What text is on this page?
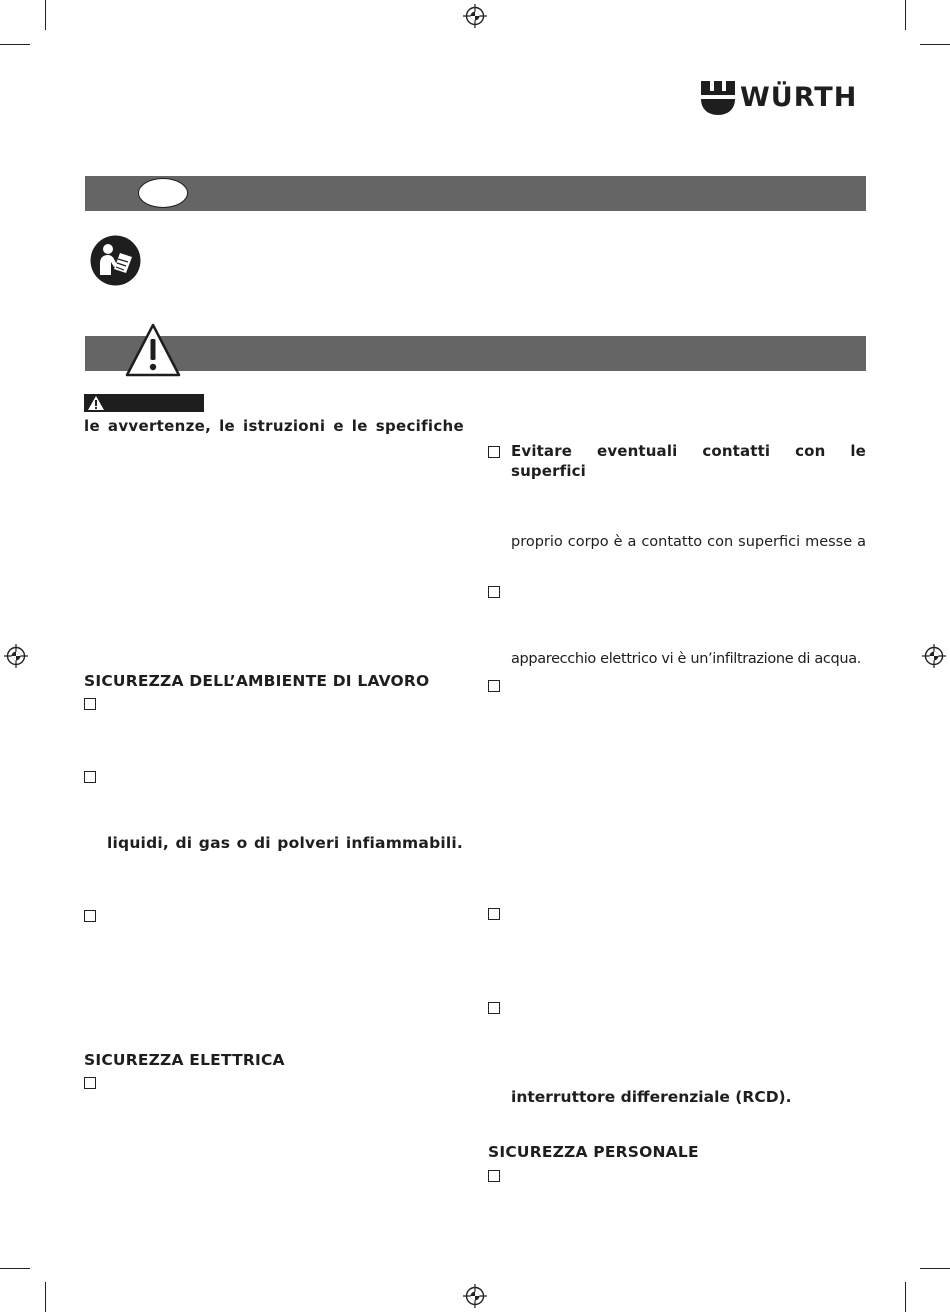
WÜRTH
le avvertenze, le istruzioni e le specifiche
SICUREZZA DELL’AMBIENTE DI LAVORO
liquidi, di gas o di polveri infiammabili.
SICUREZZA ELETTRICA
Evitare eventuali contatti con le superfici
proprio corpo è a contatto con superfici messe a
apparecchio elettrico vi è un’infiltrazione di acqua.
interruttore differenziale (RCD).
SICUREZZA PERSONALE
